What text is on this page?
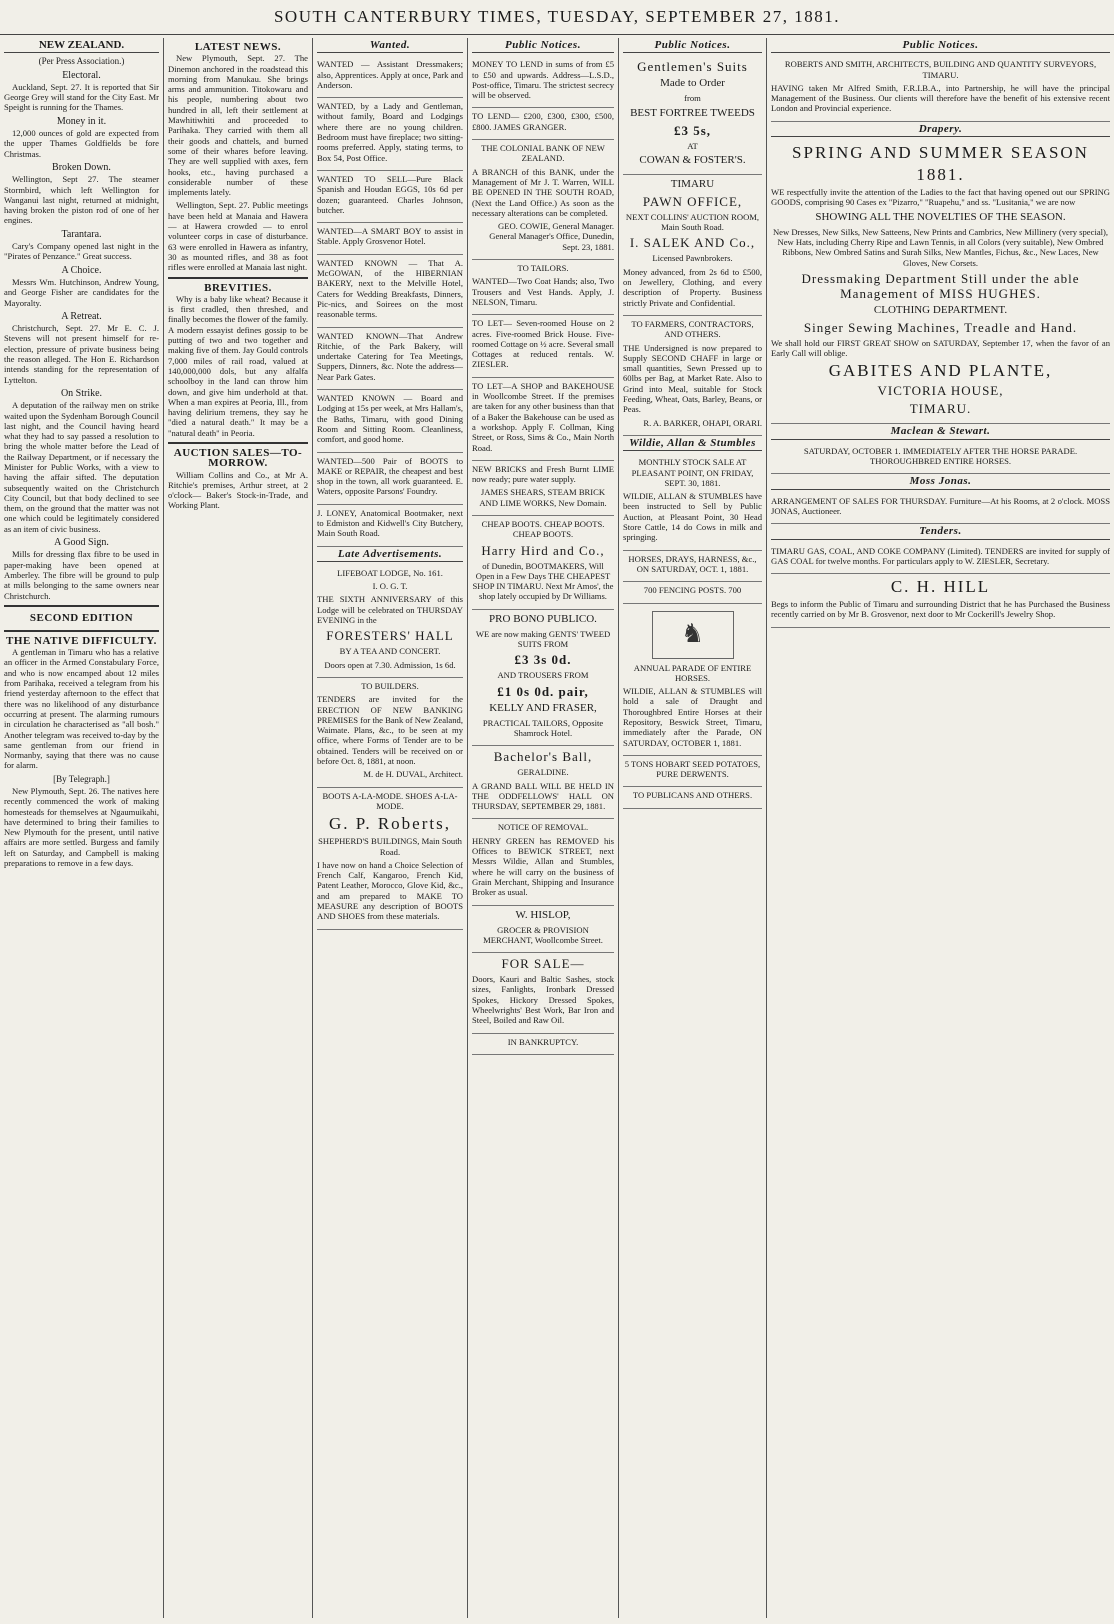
SOUTH CANTERBURY TIMES, TUESDAY, SEPTEMBER 27, 1881.
NEW ZEALAND.
(Per Press Association.)
Electoral.

Auckland, Sept. 27. It is reported that Sir George Grey will stand for the City East. Mr Speight is running for the Thames.

Money in it.

12,000 ounces of gold are expected from the upper Thames Goldfields be fore Christmas.

Broken Down.

Wellington, Sept 27. The steamer Stormbird, which left Wellington for Wanganui last night, returned at midnight, having broken the piston rod of one of her engines.

Tarantara.

Cary's Company opened last night in the "Pirates of Penzance." Great success.

A Choice.

Messrs Wm. Hutchinson, Andrew Young, and George Fisher are candidates for the Mayoralty.

A Retreat.

Christchurch, Sept. 27. Mr E. C. J. Stevens will not present himself for re-election, pressure of private business being the reason alleged. The Hon E. Richardson intends standing for the representation of Lyttelton.

On Strike.

A deputation of the railway men on strike waited upon the Sydenham Borough Council last night, and the Council having heard what they had to say passed a resolution to bring the whole matter before the Lead of the Railway Department, or if necessary the Minister for Public Works, with a view to having the affair sifted. The deputation subsequently waited on the Christchurch City Council, but that body declined to see them, on the ground that the matter was not one which could be legitimately considered as an item of civic business.

A Good Sign.

Mills for dressing flax fibre to be used in paper-making have been opened at Amberley. The fibre will be ground to pulp at mills belonging to the same owners near Christchurch.

SECOND EDITION
THE NATIVE DIFFICULTY.

A gentleman in Timaru who has a relative an officer in the Armed Constabulary Force, and who is now encamped about 12 miles from Parihaka, received a telegram from his friend yesterday afternoon to the effect that there was no likelihood of any disturbance occurring at present. The alarming rumours in circulation he characterised as "all bosh." Another telegram was received to-day by the same gentleman from our friend in Normanby, saying that there was no cause for alarm.

[By Telegraph.]

New Plymouth, Sept. 26. The natives here recently commenced the work of making homesteads for themselves at Ngaumuikahi, have determined to bring their families to New Plymouth for the present, until native affairs are more settled. Burgess and family left on Saturday, and Campbell is making preparations to remove in a few days.

LATEST NEWS.

New Plymouth, Sept. 27. The Dinemon anchored in the roadstead this morning from Manukau. She brings arms and ammunition. Titokowaru and his people, numbering about two hundred in all, left their settlement at Mawhitiwhiti and proceeded to Parihaka. They carried with them all their goods and chattels, and burned some of their whares before leaving. They are well supplied with axes, fern hooks, etc., having purchased a considerable number of these implements lately.

Wellington, Sept. 27. Public meetings have been held at Manaia and Hawera — at Hawera crowded — to enrol volunteer corps in case of disturbance. 63 were enrolled in Hawera as infantry, 30 as mounted rifles, and 38 as foot rifles were enrolled at Manaia last night.

BREVITIES.

Why is a baby like wheat? Because it is first cradled, then threshed, and finally becomes the flower of the family. A modern essayist defines gossip to be putting of two and two together and making five of them. Jay Gould controls 7,000 miles of rail road, valued at 140,000,000 dols, but any alfalfa schoolboy in the land can throw him down, and give him underhold at that. When a man expires at Peoria, Ill., from having delirium tremens, they say he "died a natural death." It may be a "natural death" in Peoria.

AUCTION SALES—TO-MORROW.

William Collins and Co., at Mr A. Ritchie's premises, Arthur street, at 2 o'clock— Baker's Stock-in-Trade, and Working Plant.

Wanted.

WANTED — Assistant Dressmakers; also, Apprentices. Apply at once, Park and Anderson.

WANTED, by a Lady and Gentleman, without family, Board and Lodgings where there are no young children. Bedroom must have fireplace; two sitting-rooms preferred. Apply, stating terms, to Box 54, Post Office.

WANTED TO SELL—Pure Black Spanish and Houdan EGGS, 10s 6d per dozen; guaranteed. Charles Johnson, butcher.

WANTED—A SMART BOY to assist in Stable. Apply Grosvenor Hotel.

WANTED KNOWN — That A. McGOWAN, of the HIBERNIAN BAKERY, next to the Melville Hotel, Caters for Wedding Breakfasts, Dinners, Pic-nics, and Soirees on the most reasonable terms.

WANTED KNOWN—That Andrew Ritchie, of the Park Bakery, will undertake Catering for Tea Meetings, Suppers, Dinners, &c. Note the address—Near Park Gates.

WANTED KNOWN — Board and Lodging at 15s per week, at Mrs Hallam's, the Baths, Timaru, with good Dining Room and Sitting Room. Cleanliness, comfort, and good home.

WANTED—500 Pair of BOOTS to MAKE or REPAIR, the cheapest and best shop in the town, all work guaranteed. E. Waters, opposite Parsons' Foundry.

J. LONEY, Anatomical Bootmaker, next to Edmiston and Kidwell's City Butchery, Main South Road.

Late Advertisements.

LIFEBOAT LODGE, No. 161.

I. O. G. T.

THE SIXTH ANNIVERSARY of this Lodge will be celebrated on THURSDAY EVENING in the

FORESTERS' HALL

BY A TEA AND CONCERT.

Doors open at 7.30. Admission, 1s 6d.

TO BUILDERS.

TENDERS are invited for the ERECTION OF NEW BANKING PREMISES for the Bank of New Zealand, Waimate. Plans, &c., to be seen at my office, where Forms of Tender are to be obtained. Tenders will be received on or before Oct. 8, 1881, at noon.

M. de H. DUVAL, Architect.

BOOTS A-LA-MODE. SHOES A-LA-MODE.

G. P. Roberts,

SHEPHERD'S BUILDINGS, Main South Road.

I have now on hand a Choice Selection of French Calf, Kangaroo, French Kid, Patent Leather, Morocco, Glove Kid, &c., and am prepared to MAKE TO MEASURE any description of BOOTS AND SHOES from these materials.

Public Notices.

MONEY TO LEND in sums of from £5 to £50 and upwards. Address—L.S.D., Post-office, Timaru. The strictest secrecy will be observed.

TO LEND— £200, £300, £300, £500, £800. JAMES GRANGER.

THE COLONIAL BANK OF NEW ZEALAND.

A BRANCH of this BANK, under the Management of Mr J. T. Warren, WILL BE OPENED IN THE SOUTH ROAD, (Next the Land Office.) As soon as the necessary alterations can be completed.

GEO. COWIE, General Manager. General Manager's Office, Dunedin, Sept. 23, 1881.

TO TAILORS.

WANTED—Two Coat Hands; also, Two Trousers and Vest Hands. Apply, J. NELSON, Timaru.

TO LET— Seven-roomed House on 2 acres. Five-roomed Brick House. Five-roomed Cottage on ½ acre. Several small Cottages at reduced rentals. W. ZIESLER.

TO LET—A SHOP and BAKEHOUSE in Woollcombe Street. If the premises are taken for any other business than that of a Baker the Bakehouse can be used as a workshop. Apply F. Collman, King Street, or Ross, Sims & Co., Main North Road.

NEW BRICKS and Fresh Burnt LIME now ready; pure water supply.

JAMES SHEARS, STEAM BRICK AND LIME WORKS, New Domain.

CHEAP BOOTS. CHEAP BOOTS. CHEAP BOOTS.

Harry Hird and Co.,

of Dunedin, BOOTMAKERS, Will Open in a Few Days THE CHEAPEST SHOP IN TIMARU. Next Mr Amos', the shop lately occupied by Dr Williams.

PRO BONO PUBLICO.

WE are now making GENTS' TWEED SUITS FROM

£3 3s 0d.

AND TROUSERS FROM

£1 0s 0d. pair,

KELLY AND FRASER,

PRACTICAL TAILORS, Opposite Shamrock Hotel.

Bachelor's Ball,

GERALDINE.

A GRAND BALL WILL BE HELD IN THE ODDFELLOWS' HALL ON THURSDAY, SEPTEMBER 29, 1881.

NOTICE OF REMOVAL.

HENRY GREEN has REMOVED his Offices to BEWICK STREET, next Messrs Wildie, Allan and Stumbles, where he will carry on the business of Grain Merchant, Shipping and Insurance Broker as usual.

W. HISLOP,

GROCER & PROVISION MERCHANT, Woollcombe Street.

FOR SALE—

Doors, Kauri and Baltic Sashes, stock sizes, Fanlights, Ironbark Dressed Spokes, Hickory Dressed Spokes, Wheelwrights' Best Work, Bar Iron and Steel, Boiled and Raw Oil.

IN BANKRUPTCY.

Public Notices.

Gentlemen's Suits

Made to Order

from

BEST FORTREE TWEEDS

£3 5s,

AT

COWAN & FOSTER'S.

TIMARU

PAWN OFFICE,

NEXT COLLINS' AUCTION ROOM, Main South Road.

I. SALEK AND Co.,

Licensed Pawnbrokers.

Money advanced, from 2s 6d to £500, on Jewellery, Clothing, and every description of Property. Business strictly Private and Confidential.

TO FARMERS, CONTRACTORS, AND OTHERS.

THE Undersigned is now prepared to Supply SECOND CHAFF in large or small quantities, Sewn Pressed up to 60lbs per Bag, at Market Rate. Also to Grind into Meal, suitable for Stock Feeding, Wheat, Oats, Barley, Beans, or Peas.

R. A. BARKER, OHAPI, ORARI.

Wildie, Allan & Stumbles

MONTHLY STOCK SALE AT PLEASANT POINT, ON FRIDAY, SEPT. 30, 1881.

WILDIE, ALLAN & STUMBLES have been instructed to Sell by Public Auction, at Pleasant Point, 30 Head Store Cattle, 14 do Cows in milk and springing.

HORSES, DRAYS, HARNESS, &c., ON SATURDAY, OCT. 1, 1881.

700 FENCING POSTS. 700

♞

ANNUAL PARADE OF ENTIRE HORSES.

WILDIE, ALLAN & STUMBLES will hold a sale of Draught and Thoroughbred Entire Horses at their Repository, Beswick Street, Timaru, immediately after the Parade, ON SATURDAY, OCTOBER 1, 1881.

5 TONS HOBART SEED POTATOES, PURE DERWENTS.

TO PUBLICANS AND OTHERS.

Public Notices.

ROBERTS AND SMITH, ARCHITECTS, BUILDING AND QUANTITY SURVEYORS, TIMARU.

HAVING taken Mr Alfred Smith, F.R.I.B.A., into Partnership, he will have the principal Management of the Business. Our clients will therefore have the benefit of his extensive recent London and Provincial experience.

Drapery.

SPRING AND SUMMER SEASON

1881.

WE respectfully invite the attention of the Ladies to the fact that having opened out our SPRING GOODS, comprising 90 Cases ex "Pizarro," "Ruapehu," and ss. "Lusitania," we are now

SHOWING ALL THE NOVELTIES OF THE SEASON.

New Dresses, New Silks, New Satteens, New Prints and Cambrics, New Millinery (very special), New Hats, including Cherry Ripe and Lawn Tennis, in all Colors (very suitable), New Ombred Ribbons, New Ombred Satins and Surah Silks, New Mantles, Fichus, &c., New Laces, New Gloves, New Corsets.

Dressmaking Department Still under the able Management of MISS HUGHES.

CLOTHING DEPARTMENT.

Singer Sewing Machines, Treadle and Hand.

We shall hold our FIRST GREAT SHOW on SATURDAY, September 17, when the favor of an Early Call will oblige.

GABITES AND PLANTE,

VICTORIA HOUSE,

TIMARU.

Maclean & Stewart.

SATURDAY, OCTOBER 1. IMMEDIATELY AFTER THE HORSE PARADE. THOROUGHBRED ENTIRE HORSES.

Moss Jonas.

ARRANGEMENT OF SALES FOR THURSDAY. Furniture—At his Rooms, at 2 o'clock. MOSS JONAS, Auctioneer.

Tenders.

TIMARU GAS, COAL, AND COKE COMPANY (Limited). TENDERS are invited for supply of GAS COAL for twelve months. For particulars apply to W. ZIESLER, Secretary.

C. H. HILL

Begs to inform the Public of Timaru and surrounding District that he has Purchased the Business recently carried on by Mr B. Grosvenor, next door to Mr Cockerill's Jewelry Shop.
